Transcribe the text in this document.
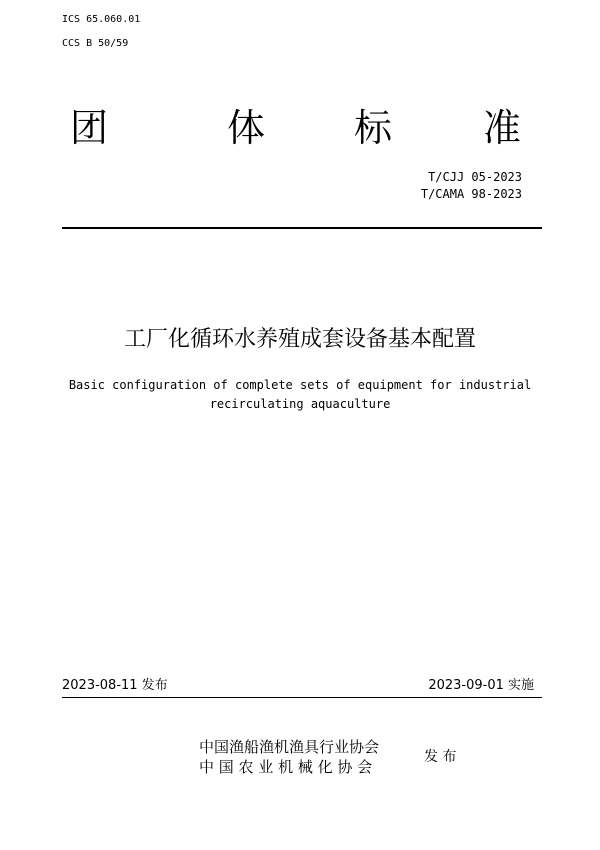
ICS 65.060.01
CCS B 50/59
团	体 标 准
T/CJJ 05-2023
T/CAMA 98-2023
工厂化循环水养殖成套设备基本配置
Basic configuration of complete sets of equipment for industrial
recirculating aquaculture
2023-08-11 发布	2023-09-01 实施
中国渔船渔机渔具行业协会
中 国 农 业 机 械 化 协 会
发 布
